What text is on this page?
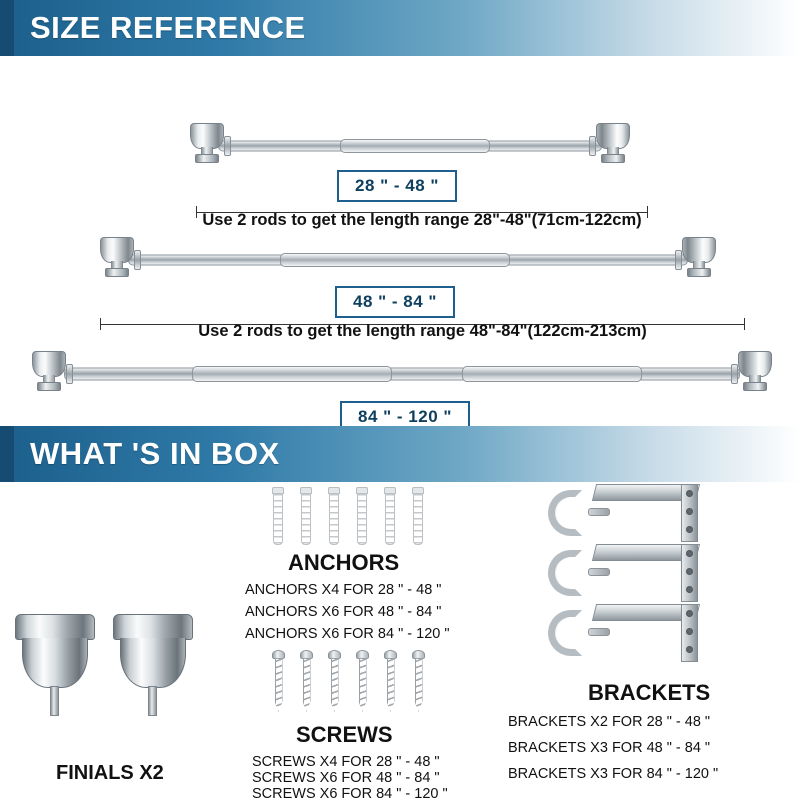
SIZE REFERENCE
28 " - 48 "
Use 2 rods to get the length range 28"-48"(71cm-122cm)
48 " - 84 "
Use 2 rods to get the length range 48"-84"(122cm-213cm)
84 " - 120 "
WHAT 'S IN BOX
FINIALS X2
ANCHORS
ANCHORS X4 FOR 28 " - 48 "
ANCHORS X6 FOR 48 " - 84 "
ANCHORS X6 FOR 84 " - 120 "
SCREWS
SCREWS X4 FOR 28 " - 48 "
SCREWS X6 FOR 48 " - 84 "
SCREWS X6 FOR 84 " - 120 "
BRACKETS
BRACKETS X2 FOR 28 " - 48 "
BRACKETS X3 FOR 48 " - 84 "
BRACKETS X3 FOR 84 " - 120 "
